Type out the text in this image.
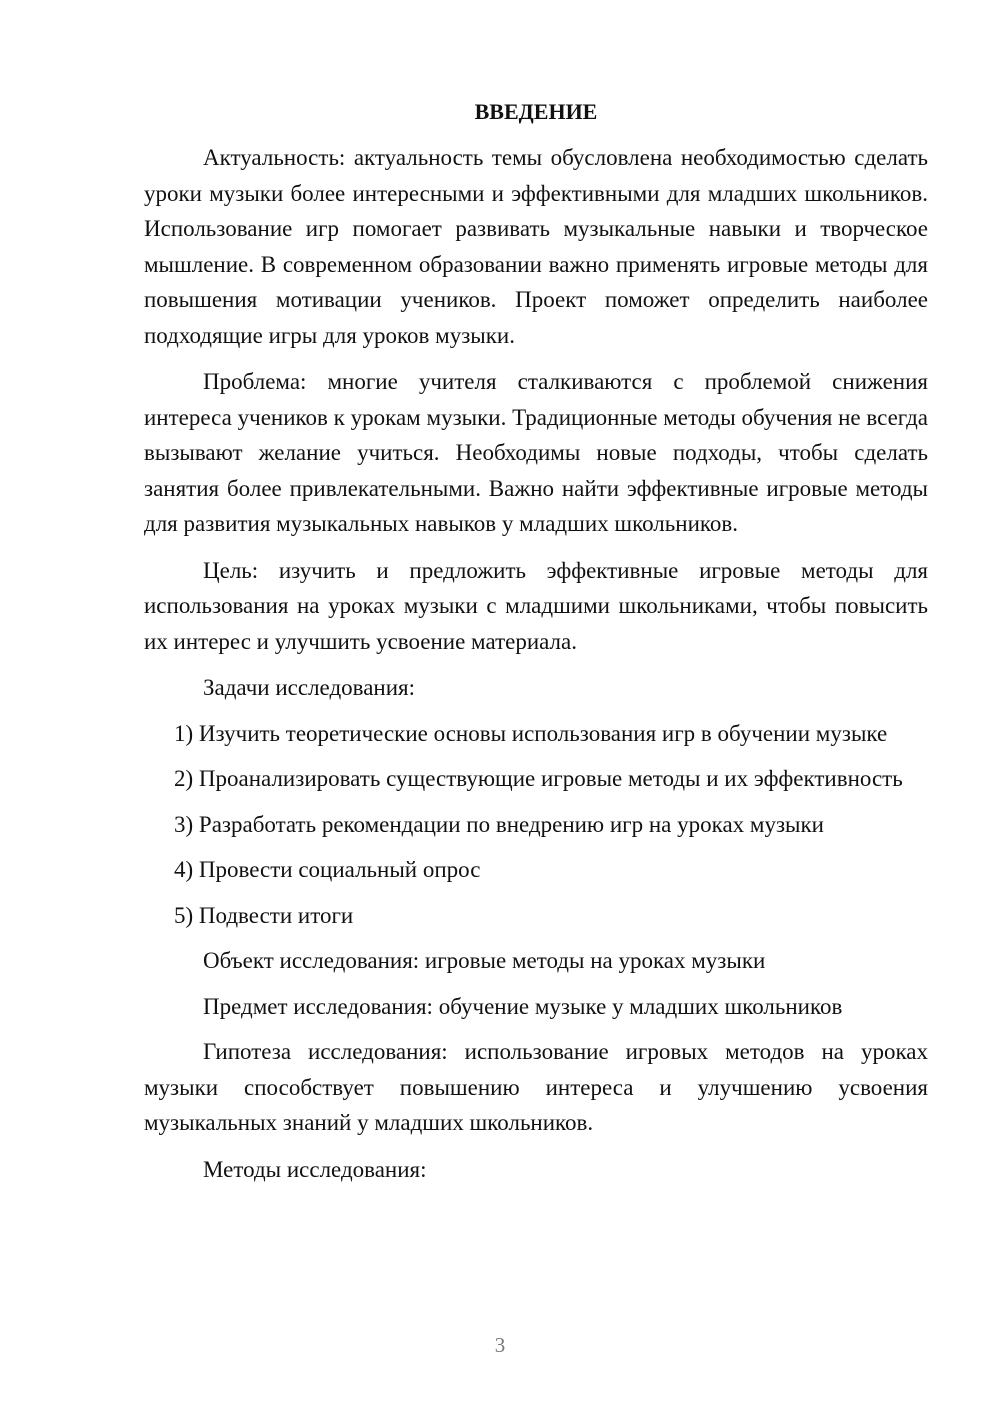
ВВЕДЕНИЕ

Актуальность: актуальность темы обусловлена необходимостью сделать уроки музыки более интересными и эффективными для младших школьников. Использование игр помогает развивать музыкальные навыки и творческое мышление. В современном образовании важно применять игровые методы для повышения мотивации учеников. Проект поможет определить наиболее подходящие игры для уроков музыки.

Проблема: многие учителя сталкиваются с проблемой снижения интереса учеников к урокам музыки. Традиционные методы обучения не всегда вызывают желание учиться. Необходимы новые подходы, чтобы сделать занятия более привлекательными. Важно найти эффективные игровые методы для развития музыкальных навыков у младших школьников.

Цель: изучить и предложить эффективные игровые методы для использования на уроках музыки с младшими школьниками, чтобы повысить их интерес и улучшить усвоение материала.

Задачи исследования:

1) Изучить теоретические основы использования игр в обучении музыке

2) Проанализировать существующие игровые методы и их эффективность

3) Разработать рекомендации по внедрению игр на уроках музыки

4) Провести социальный опрос

5) Подвести итоги

Объект исследования: игровые методы на уроках музыки

Предмет исследования: обучение музыке у младших школьников

Гипотеза исследования: использование игровых методов на уроках музыки способствует повышению интереса и улучшению усвоения музыкальных знаний у младших школьников.

Методы исследования:

3
